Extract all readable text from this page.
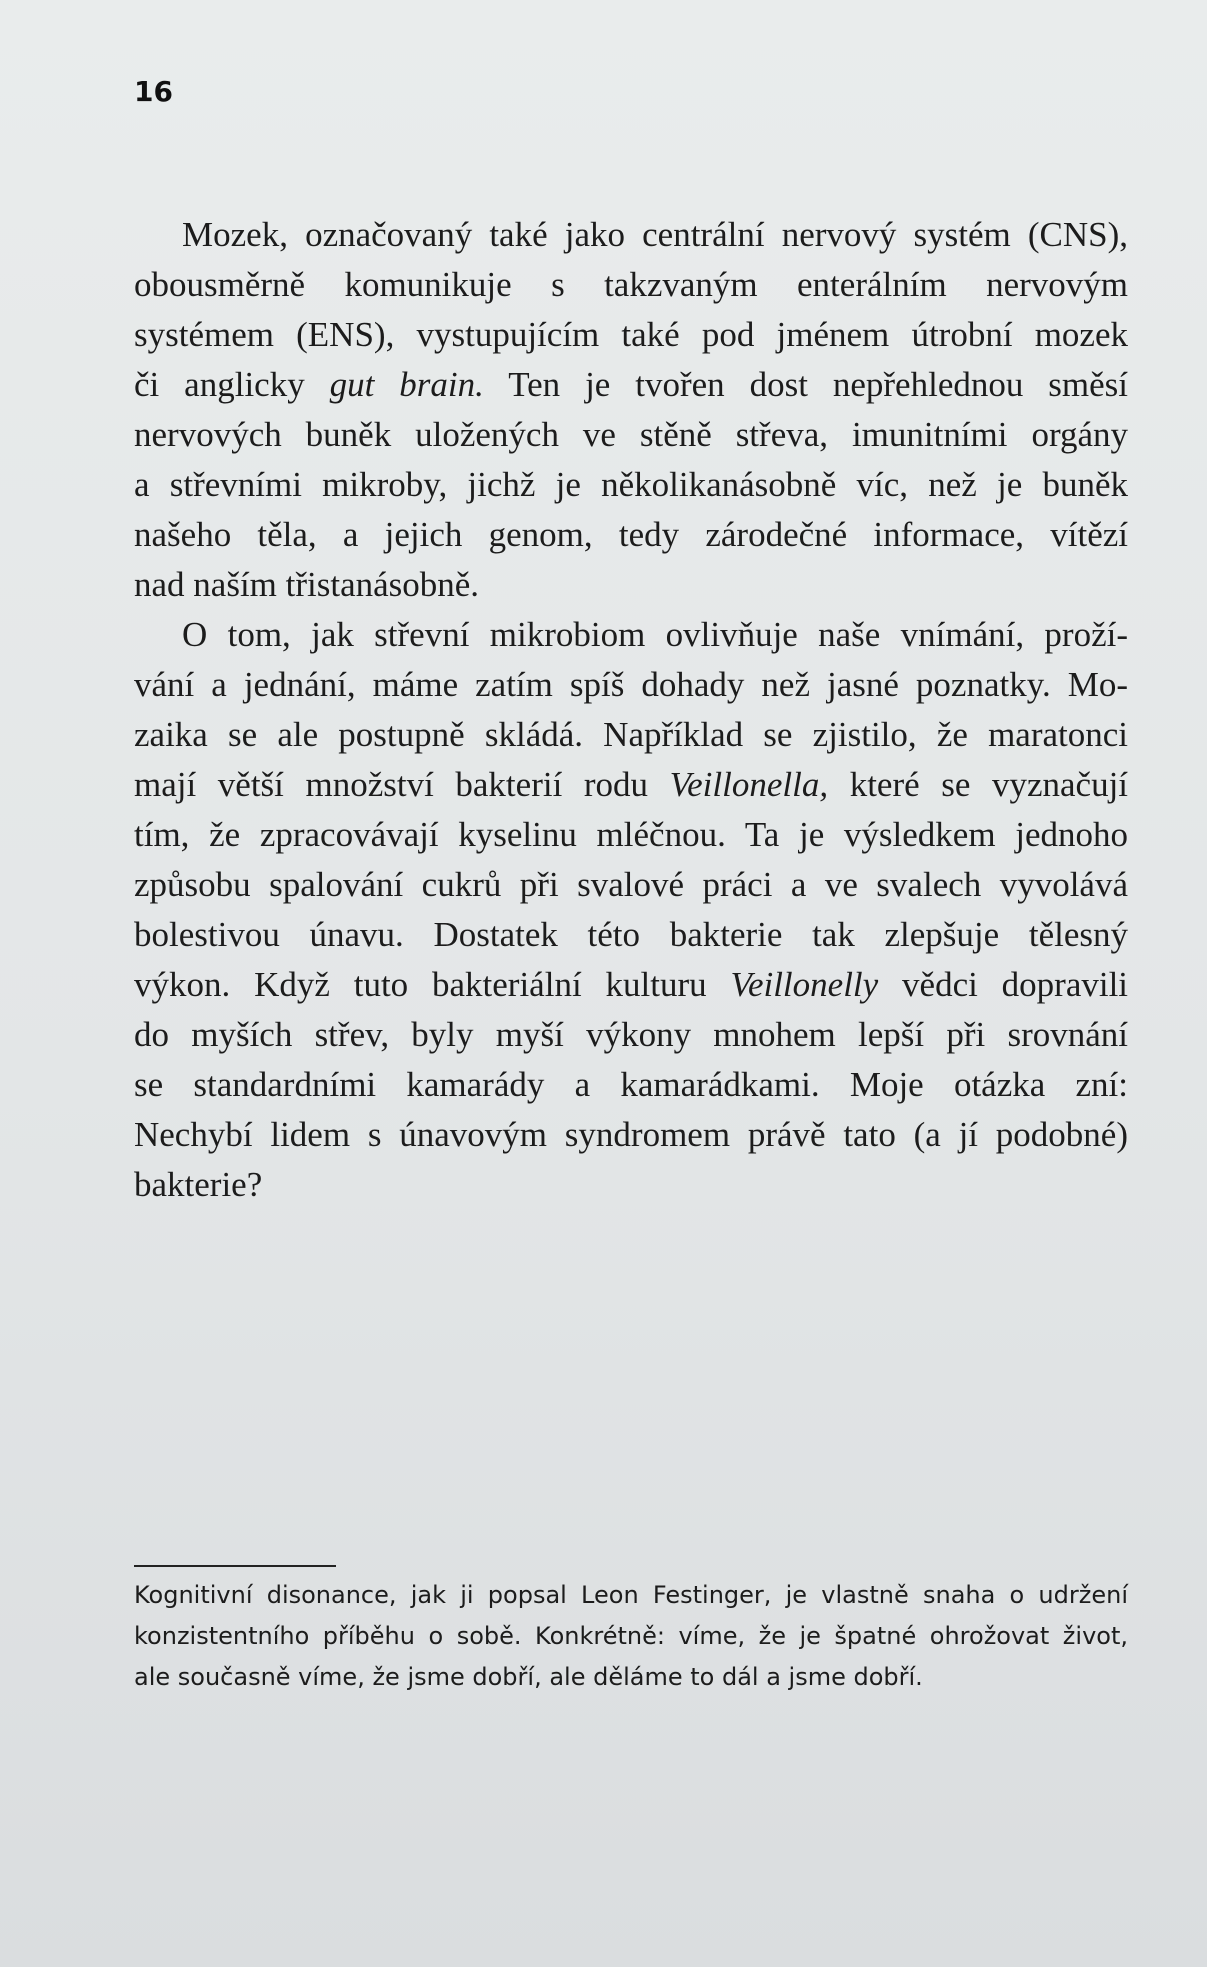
16
Mozek, označovaný také jako centrální nervový systém (CNS),
obousměrně komunikuje s takzvaným enterálním nervovým
systémem (ENS), vystupujícím také pod jménem útrobní mozek
či anglicky gut brain. Ten je tvořen dost nepřehlednou směsí
nervových buněk uložených ve stěně střeva, imunitními orgány
a střevními mikroby, jichž je několikanásobně víc, než je buněk
našeho těla, a jejich genom, tedy zárodečné informace, vítězí
nad naším třistanásobně.
O tom, jak střevní mikrobiom ovlivňuje naše vnímání, proží-
vání a jednání, máme zatím spíš dohady než jasné poznatky. Mo-
zaika se ale postupně skládá. Například se zjistilo, že maratonci
mají větší množství bakterií rodu Veillonella, které se vyznačují
tím, že zpracovávají kyselinu mléčnou. Ta je výsledkem jednoho
způsobu spalování cukrů při svalové práci a ve svalech vyvolává
bolestivou únavu. Dostatek této bakterie tak zlepšuje tělesný
výkon. Když tuto bakteriální kulturu Veillonelly vědci dopravili
do myších střev, byly myší výkony mnohem lepší při srovnání
se standardními kamarády a kamarádkami. Moje otázka zní:
Nechybí lidem s únavovým syndromem právě tato (a jí podobné)
bakterie?
Kognitivní disonance, jak ji popsal Leon Festinger, je vlastně snaha o udržení
konzistentního příběhu o sobě. Konkrétně: víme, že je špatné ohrožovat život,
ale současně víme, že jsme dobří, ale děláme to dál a jsme dobří.
